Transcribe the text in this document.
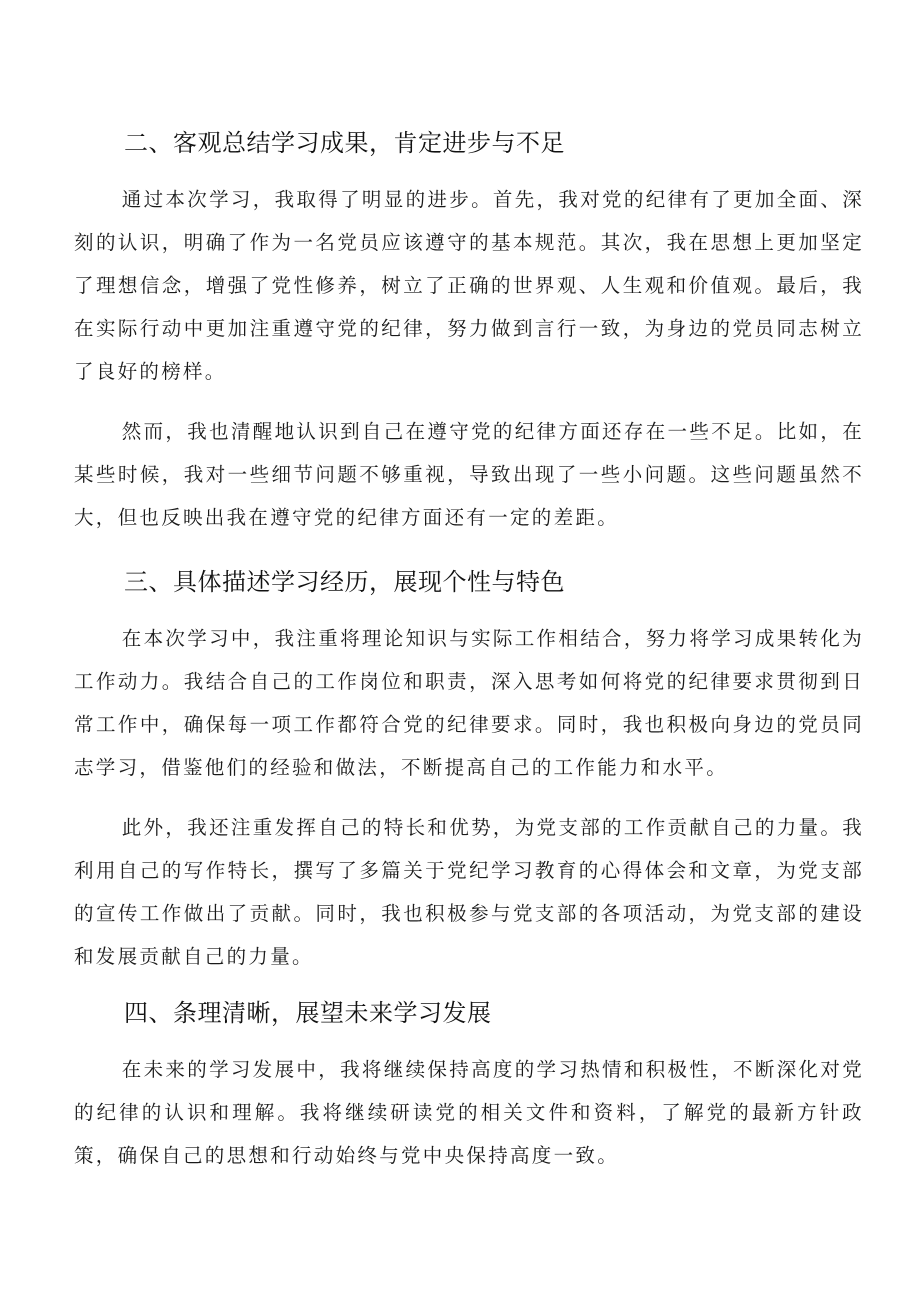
二、客观总结学习成果，肯定进步与不足

通过本次学习，我取得了明显的进步。首先，我对党的纪律有了更加全面、深刻的认识，明确了作为一名党员应该遵守的基本规范。其次，我在思想上更加坚定了理想信念，增强了党性修养，树立了正确的世界观、人生观和价值观。最后，我在实际行动中更加注重遵守党的纪律，努力做到言行一致，为身边的党员同志树立了良好的榜样。

然而，我也清醒地认识到自己在遵守党的纪律方面还存在一些不足。比如，在某些时候，我对一些细节问题不够重视，导致出现了一些小问题。这些问题虽然不大，但也反映出我在遵守党的纪律方面还有一定的差距。

三、具体描述学习经历，展现个性与特色

在本次学习中，我注重将理论知识与实际工作相结合，努力将学习成果转化为工作动力。我结合自己的工作岗位和职责，深入思考如何将党的纪律要求贯彻到日常工作中，确保每一项工作都符合党的纪律要求。同时，我也积极向身边的党员同志学习，借鉴他们的经验和做法，不断提高自己的工作能力和水平。

此外，我还注重发挥自己的特长和优势，为党支部的工作贡献自己的力量。我利用自己的写作特长，撰写了多篇关于党纪学习教育的心得体会和文章，为党支部的宣传工作做出了贡献。同时，我也积极参与党支部的各项活动，为党支部的建设和发展贡献自己的力量。

四、条理清晰，展望未来学习发展

在未来的学习发展中，我将继续保持高度的学习热情和积极性，不断深化对党的纪律的认识和理解。我将继续研读党的相关文件和资料，了解党的最新方针政策，确保自己的思想和行动始终与党中央保持高度一致。
